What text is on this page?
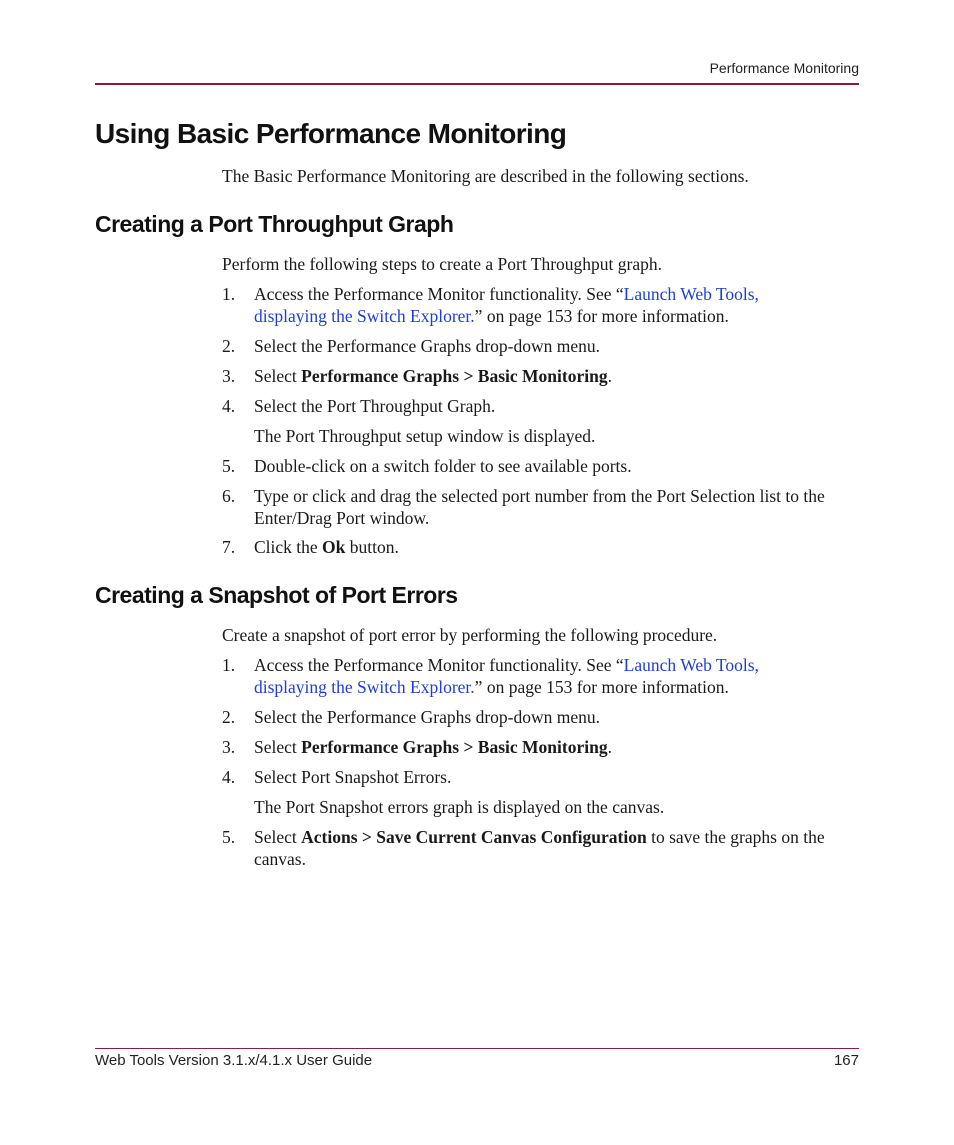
Performance Monitoring
Using Basic Performance Monitoring
The Basic Performance Monitoring are described in the following sections.
Creating a Port Throughput Graph
Perform the following steps to create a Port Throughput graph.
1. Access the Performance Monitor functionality. See “Launch Web Tools,
displaying the Switch Explorer.” on page 153 for more information.
2. Select the Performance Graphs drop-down menu.
3. Select Performance Graphs > Basic Monitoring.
4. Select the Port Throughput Graph.
The Port Throughput setup window is displayed.
5. Double-click on a switch folder to see available ports.
6. Type or click and drag the selected port number from the Port Selection list to the Enter/Drag Port window.
7. Click the Ok button.
Creating a Snapshot of Port Errors
Create a snapshot of port error by performing the following procedure.
1. Access the Performance Monitor functionality. See “Launch Web Tools,
displaying the Switch Explorer.” on page 153 for more information.
2. Select the Performance Graphs drop-down menu.
3. Select Performance Graphs > Basic Monitoring.
4. Select Port Snapshot Errors.
The Port Snapshot errors graph is displayed on the canvas.
5. Select Actions > Save Current Canvas Configuration to save the graphs on the canvas.
Web Tools Version 3.1.x/4.1.x User Guide	167
